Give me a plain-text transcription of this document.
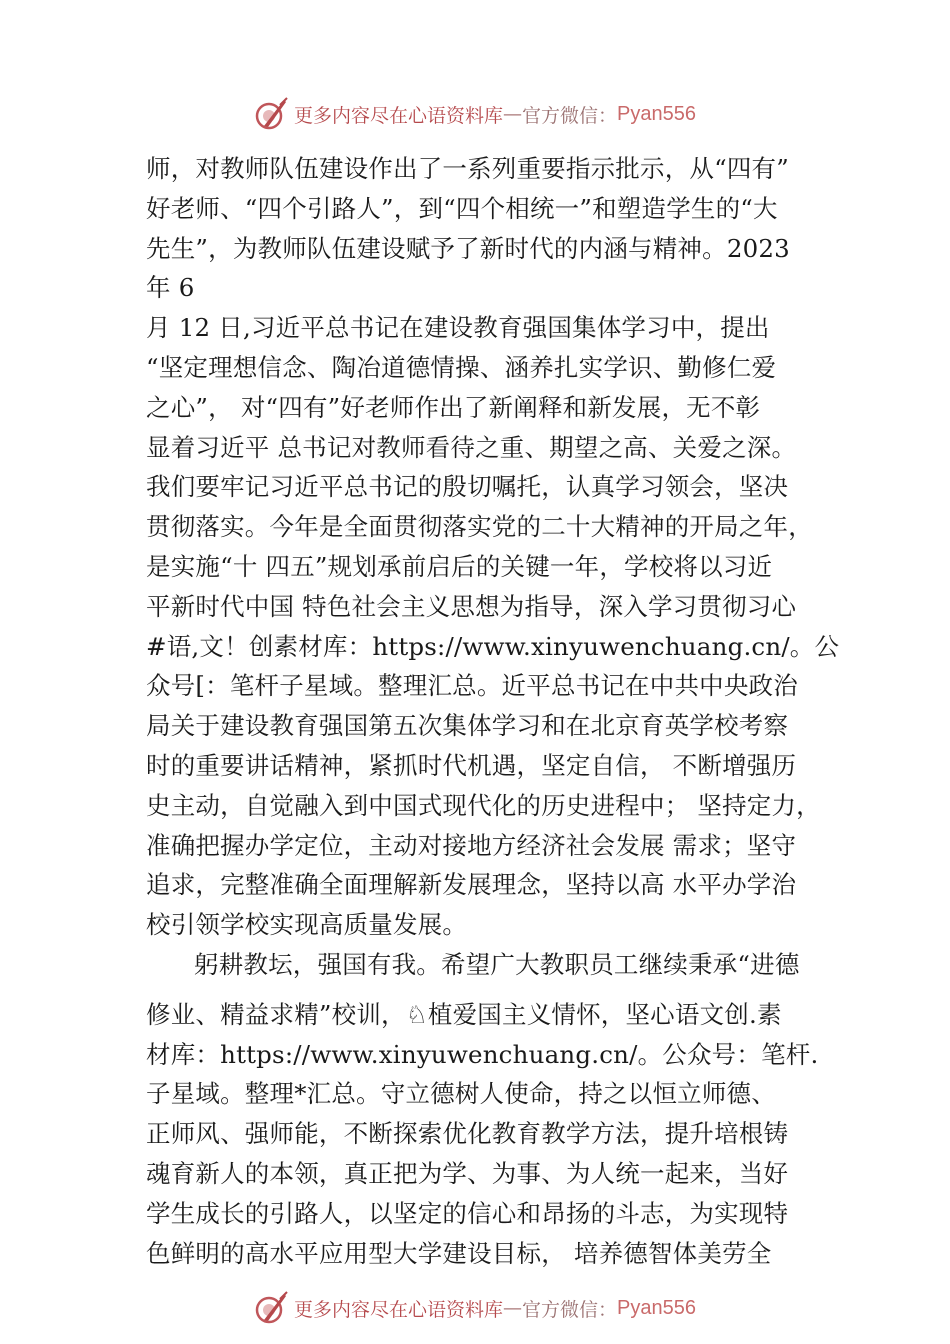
更多内容尽在心语资料库 — 官方微信： Pyan556
师，对教师队伍建设作出了一系列重要指示批示，从“四有”
好老师、“四个引路人”，到“四个相统一”和塑造学生的“大
先生”，为教师队伍建设赋予了新时代的内涵与精神。2023
年 6
月 12 日,习近平总书记在建设教育强国集体学习中，提出
“坚定理想信念、陶冶道德情操、涵养扎实学识、勤修仁爱
之心”， 对“四有”好老师作出了新阐释和新发展，无不彰
显着习近平 总书记对教师看待之重、期望之高、关爱之深。
我们要牢记习近平总书记的殷切嘱托，认真学习领会，坚决
贯彻落实。今年是全面贯彻落实党的二十大精神的开局之年，
是实施“十 四五”规划承前启后的关键一年，学校将以习近
平新时代中国 特色社会主义思想为指导，深入学习贯彻习心
#语,文！创素材库：https://www.xinyuwenchuang.cn/。公
众号[：笔杆子星域。整理汇总。近平总书记在中共中央政治
局关于建设教育强国第五次集体学习和在北京育英学校考察
时的重要讲话精神，紧抓时代机遇，坚定自信， 不断增强历
史主动，自觉融入到中国式现代化的历史进程中； 坚持定力，
准确把握办学定位，主动对接地方经济社会发展 需求；坚守
追求，完整准确全面理解新发展理念，坚持以高 水平办学治
校引领学校实现高质量发展。
躬耕教坛，强国有我。希望广大教职员工继续秉承“进德
修业、精益求精”校训，♘植爱国主义情怀，坚心语文创.素
材库：https://www.xinyuwenchuang.cn/。公众号：笔杆.
子星域。整理*汇总。守立德树人使命，持之以恒立师德、
正师风、强师能，不断探索优化教育教学方法，提升培根铸
魂育新人的本领，真正把为学、为事、为人统一起来，当好
学生成长的引路人，以坚定的信心和昂扬的斗志，为实现特
色鲜明的高水平应用型大学建设目标， 培养德智体美劳全
更多内容尽在心语资料库 — 官方微信： Pyan556
